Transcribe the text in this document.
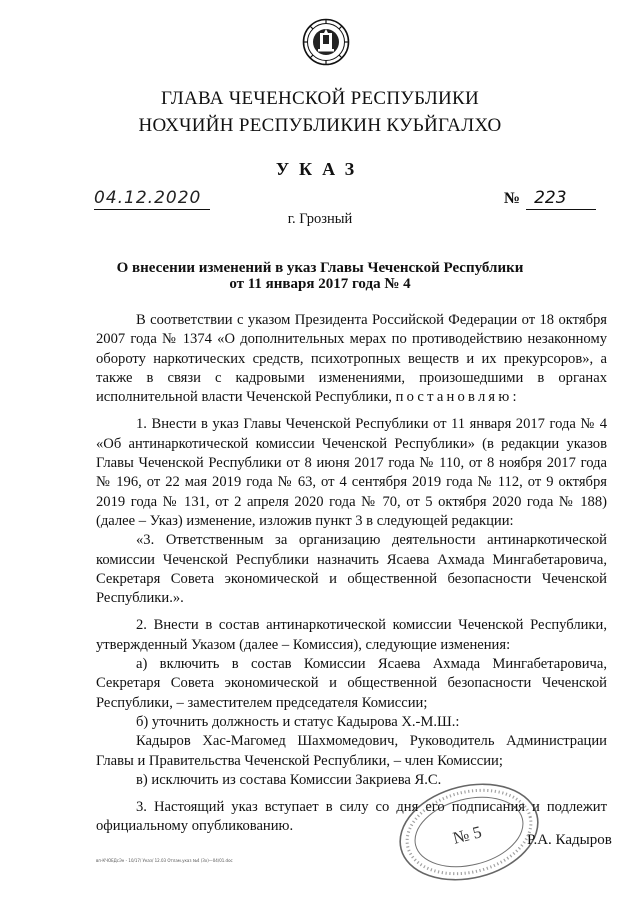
ГЛАВА ЧЕЧЕНСКОЙ РЕСПУБЛИКИ
НОХЧИЙН РЕСПУБЛИКИН КУЬЙГАЛХО
УКАЗ
04.12.2020	№ 223
г. Грозный
О внесении изменений в указ Главы Чеченской Республики
от 11 января 2017 года № 4

В соответствии с указом Президента Российской Федерации от 18 октября 2007 года № 1374 «О дополнительных мерах по противодействию незаконному обороту наркотических средств, психотропных веществ и их прекурсоров», а также в связи с кадровыми изменениями, произошедшими в органах исполнительной власти Чеченской Республики, постановляю:

1. Внести в указ Главы Чеченской Республики от 11 января 2017 года № 4 «Об антинаркотической комиссии Чеченской Республики» (в редакции указов Главы Чеченской Республики от 8 июня 2017 года № 110, от 8 ноября 2017 года № 196, от 22 мая 2019 года № 63, от 4 сентября 2019 года № 112, от 9 октября 2019 года № 131, от 2 апреля 2020 года № 70, от 5 октября 2020 года № 188) (далее – Указ) изменение, изложив пункт 3 в следующей редакции:

«3. Ответственным за организацию деятельности антинаркотической комиссии Чеченской Республики назначить Ясаева Ахмада Мингабетаровича, Секретаря Совета экономической и общественной безопасности Чеченской Республики.».

2. Внести в состав антинаркотической комиссии Чеченской Республики, утвержденный Указом (далее – Комиссия), следующие изменения:

а) включить в состав Комиссии Ясаева Ахмада Мингабетаровича, Секретаря Совета экономической и общественной безопасности Чеченской Республики, – заместителем председателя Комиссии;

б) уточнить должность и статус Кадырова Х.-М.Ш.:

Кадыров Хас-Магомед Шахмомедович, Руководитель Администрации Главы и Правительства Чеченской Республики, – член Комиссии;

в) исключить из состава Комиссии Закриева Я.С.

3. Настоящий указ вступает в силу со дня его подписания и подлежит официальному опубликованию.	№ 5	Р.А. Кадыров
вп-КЧОЕДсЭн - 10/17/ Указ/ 12.03 Отлам.указ №4 (Зх)—04/01.doc
